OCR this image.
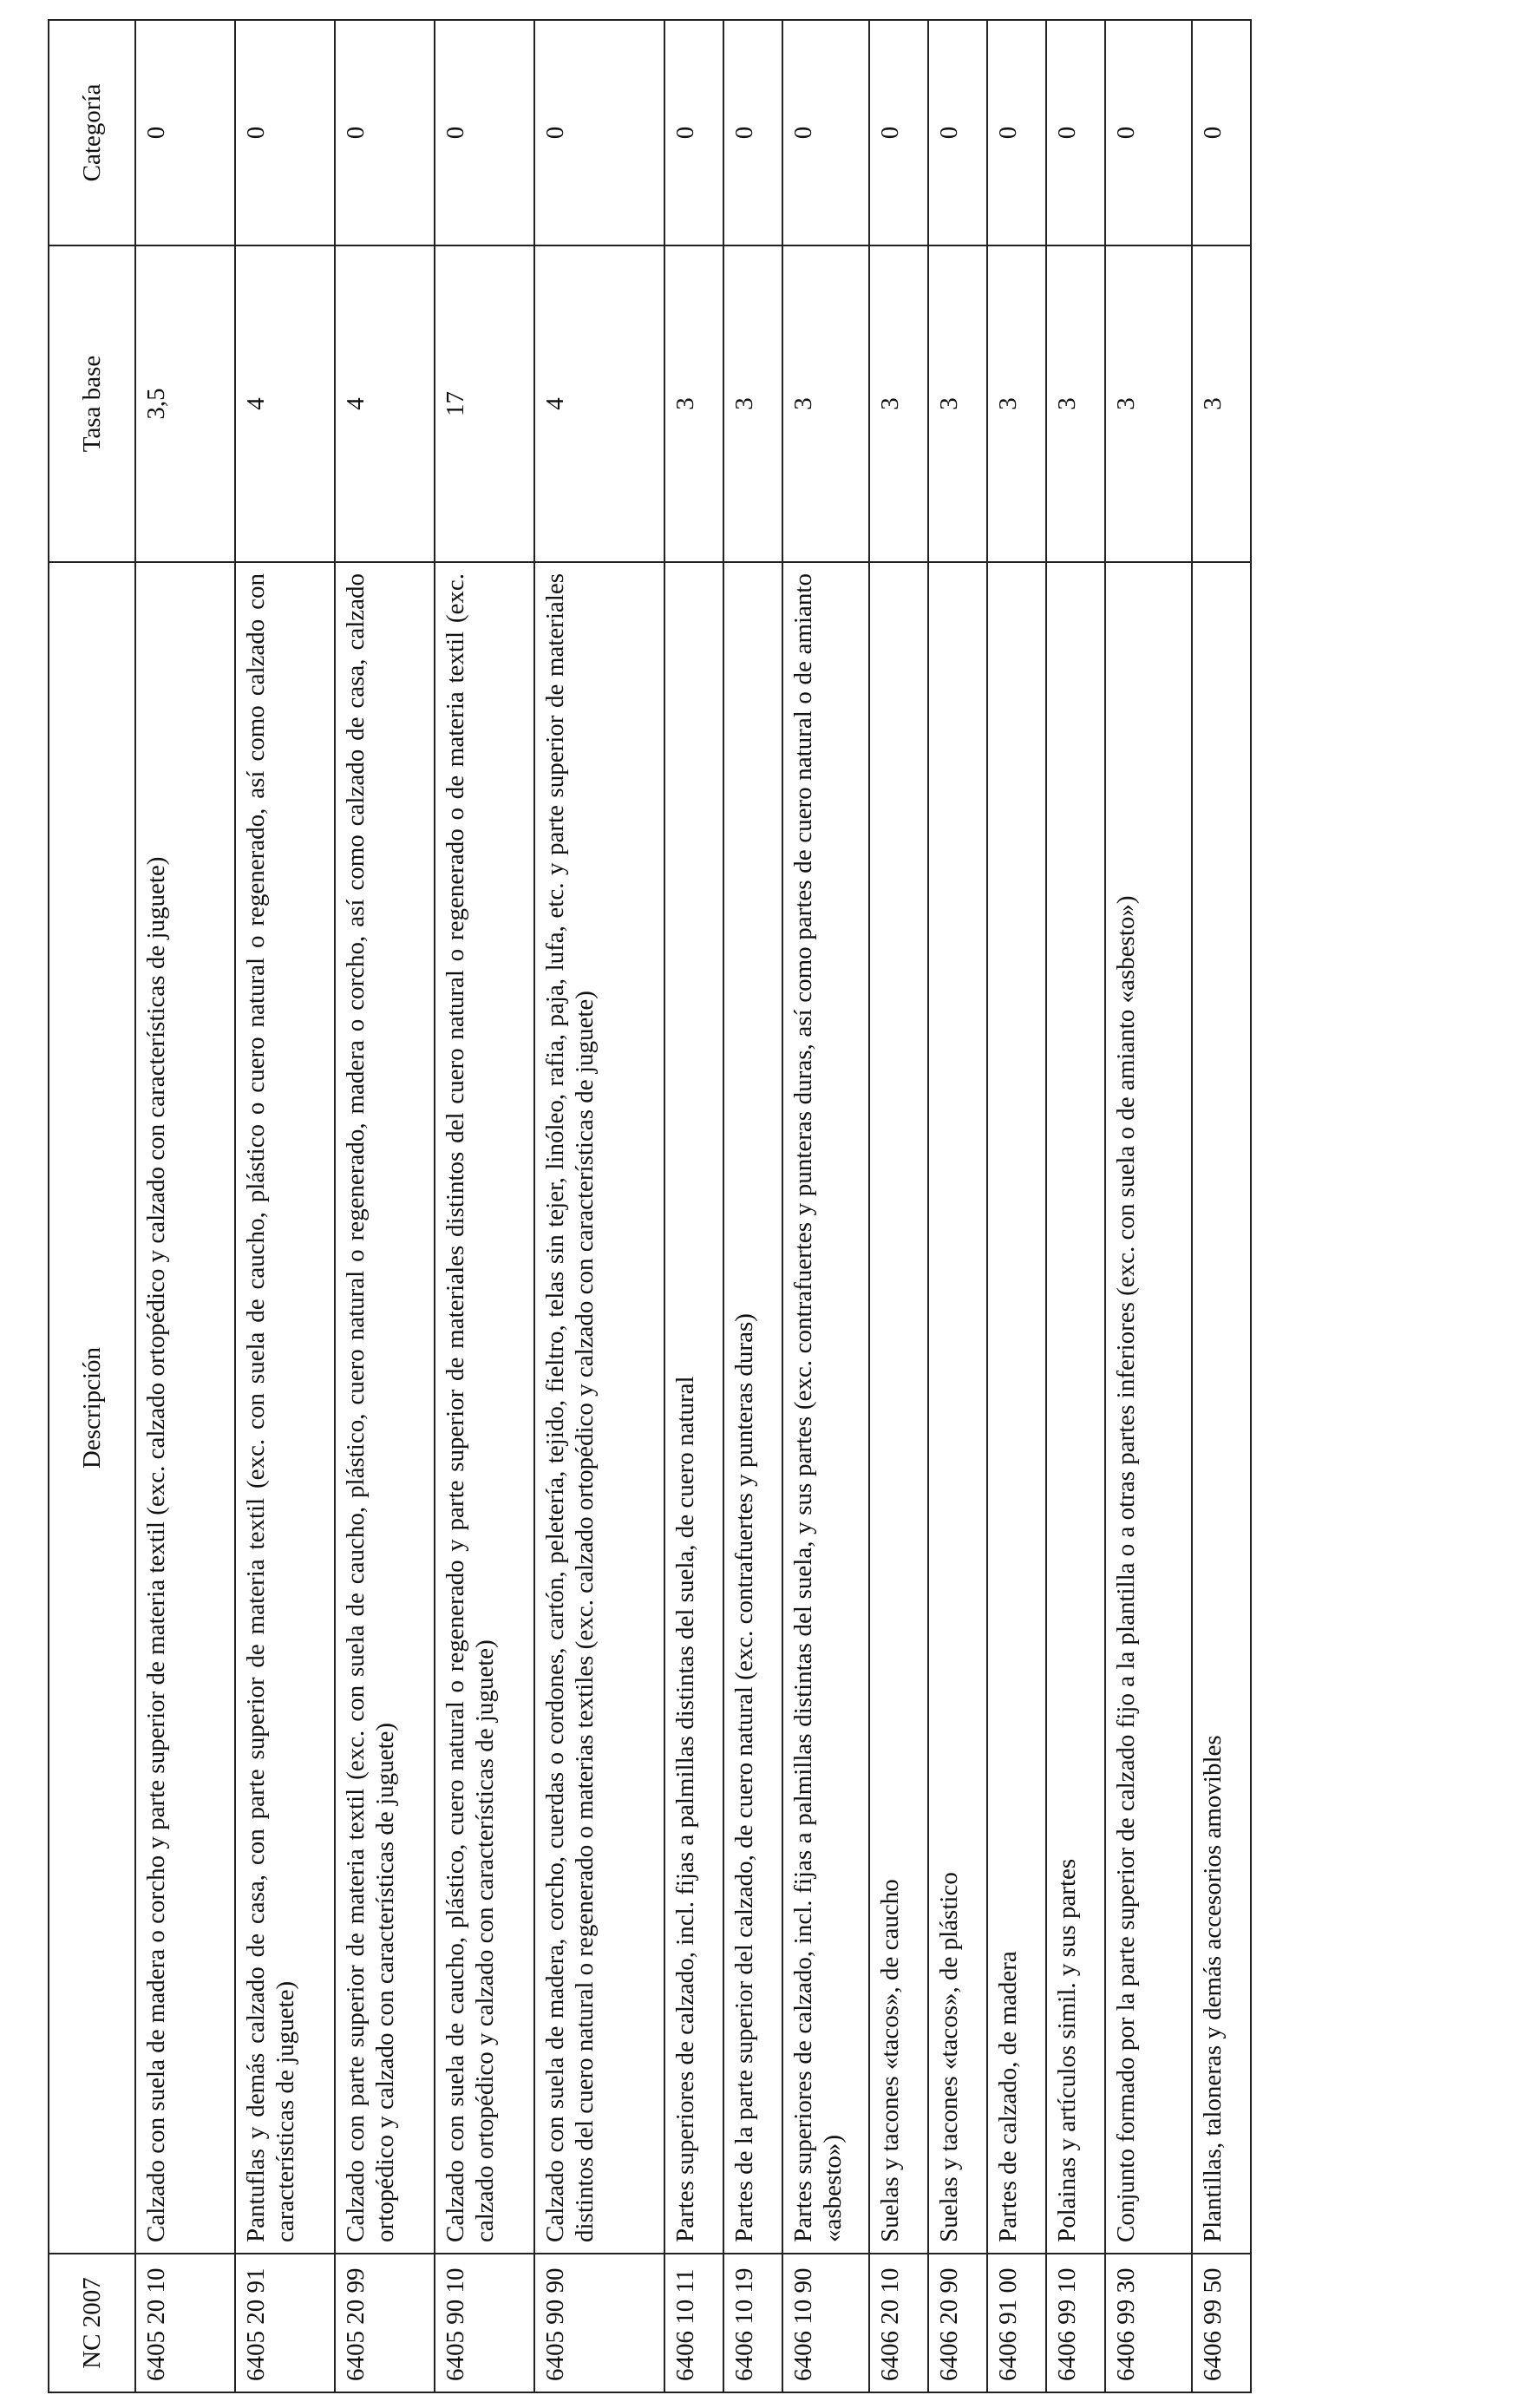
NC 2007	Descripción	Tasa base	Categoría
6405 20 10	Calzado con suela de madera o corcho y parte superior de materia textil (exc. calzado ortopédico y calzado con características de juguete)	3,5	0
6405 20 91	Pantuflas y demás calzado de casa, con parte superior de materia textil (exc. con suela de caucho, plástico o cuero natural o regenerado, así como calzado con características de juguete)	4	0
6405 20 99	Calzado con parte superior de materia textil (exc. con suela de caucho, plástico, cuero natural o regenerado, madera o corcho, así como calzado de casa, calzado ortopédico y calzado con características de juguete)	4	0
6405 90 10	Calzado con suela de caucho, plástico, cuero natural o regenerado y parte superior de materiales distintos del cuero natural o regenerado o de materia textil (exc. calzado ortopédico y calzado con características de juguete)	17	0
6405 90 90	Calzado con suela de madera, corcho, cuerdas o cordones, cartón, peletería, tejido, fieltro, telas sin tejer, linóleo, rafia, paja, lufa, etc. y parte superior de materiales distintos del cuero natural o regenerado o materias textiles (exc. calzado ortopédico y calzado con características de juguete)	4	0
6406 10 11	Partes superiores de calzado, incl. fijas a palmillas distintas del suela, de cuero natural	3	0
6406 10 19	Partes de la parte superior del calzado, de cuero natural (exc. contrafuertes y punteras duras)	3	0
6406 10 90	Partes superiores de calzado, incl. fijas a palmillas distintas del suela, y sus partes (exc. contrafuertes y punteras duras, así como partes de cuero natural o de amianto «asbesto»)	3	0
6406 20 10	Suelas y tacones «tacos», de caucho	3	0
6406 20 90	Suelas y tacones «tacos», de plástico	3	0
6406 91 00	Partes de calzado, de madera	3	0
6406 99 10	Polainas y artículos simil. y sus partes	3	0
6406 99 30	Conjunto formado por la parte superior de calzado fijo a la plantilla o a otras partes inferiores (exc. con suela o de amianto «asbesto»)	3	0
6406 99 50	Plantillas, taloneras y demás accesorios amovibles	3	0
